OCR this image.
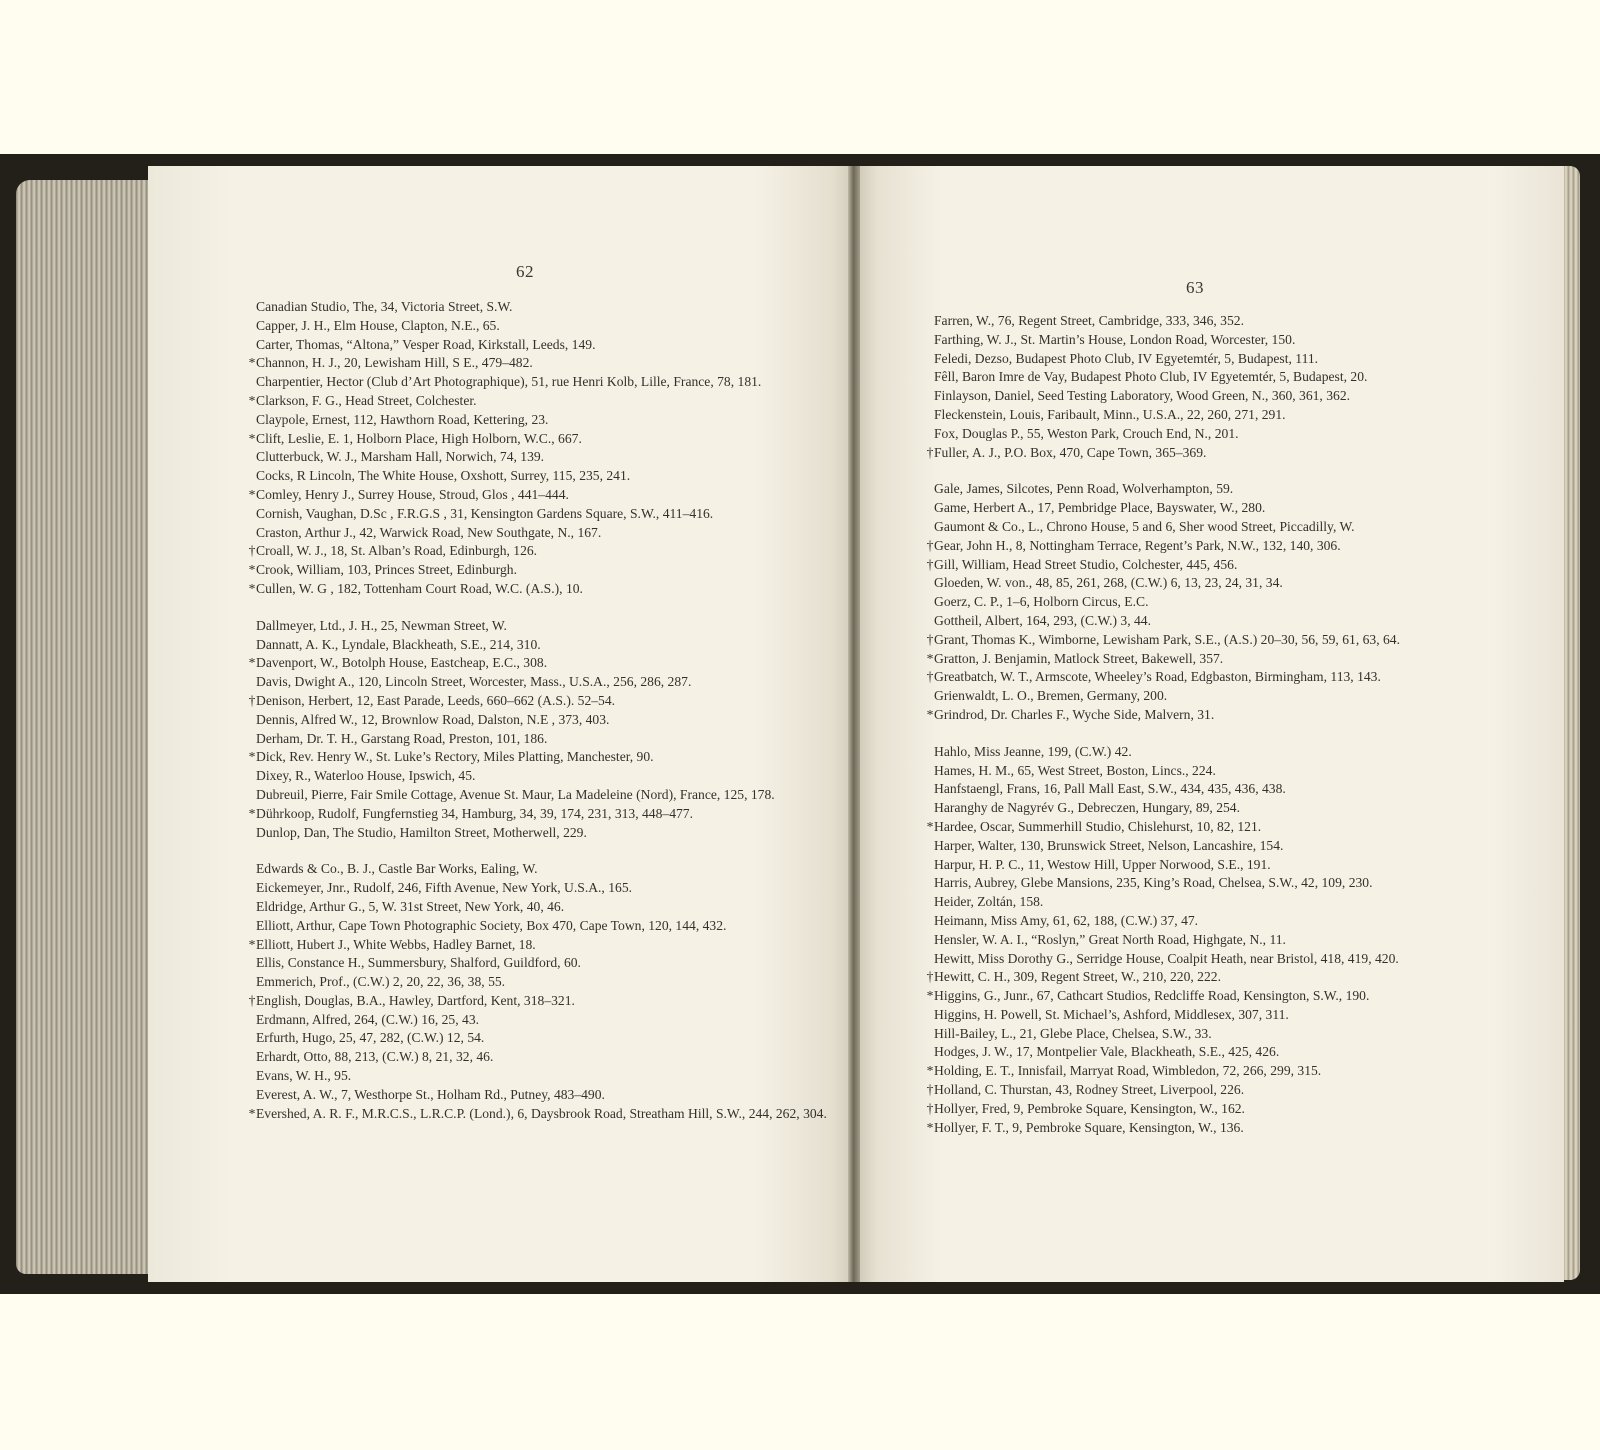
62
Canadian Studio, The, 34, Victoria Street, S.W.
Capper, J. H., Elm House, Clapton, N.E., 65.
Carter, Thomas, “Altona,” Vesper Road, Kirkstall, Leeds, 149.
*Channon, H. J., 20, Lewisham Hill, S E., 479–482.
Charpentier, Hector (Club d’Art Photographique), 51, rue Henri Kolb, Lille, France, 78, 181.
*Clarkson, F. G., Head Street, Colchester.
Claypole, Ernest, 112, Hawthorn Road, Kettering, 23.
*Clift, Leslie, E. 1, Holborn Place, High Holborn, W.C., 667.
Clutterbuck, W. J., Marsham Hall, Norwich, 74, 139.
Cocks, R Lincoln, The White House, Oxshott, Surrey, 115, 235, 241.
*Comley, Henry J., Surrey House, Stroud, Glos , 441–444.
Cornish, Vaughan, D.Sc , F.R.G.S , 31, Kensington Gardens Square, S.W., 411–416.
Craston, Arthur J., 42, Warwick Road, New Southgate, N., 167.
†Croall, W. J., 18, St. Alban’s Road, Edinburgh, 126.
*Crook, William, 103, Princes Street, Edinburgh.
*Cullen, W. G , 182, Tottenham Court Road, W.C. (A.S.), 10.
Dallmeyer, Ltd., J. H., 25, Newman Street, W.
Dannatt, A. K., Lyndale, Blackheath, S.E., 214, 310.
*Davenport, W., Botolph House, Eastcheap, E.C., 308.
Davis, Dwight A., 120, Lincoln Street, Worcester, Mass., U.S.A., 256, 286, 287.
†Denison, Herbert, 12, East Parade, Leeds, 660–662 (A.S.). 52–54.
Dennis, Alfred W., 12, Brownlow Road, Dalston, N.E , 373, 403.
Derham, Dr. T. H., Garstang Road, Preston, 101, 186.
*Dick, Rev. Henry W., St. Luke’s Rectory, Miles Platting, Manchester, 90.
Dixey, R., Waterloo House, Ipswich, 45.
Dubreuil, Pierre, Fair Smile Cottage, Avenue St. Maur, La Madeleine (Nord), France, 125, 178.
*Dührkoop, Rudolf, Fungfernstieg 34, Hamburg, 34, 39, 174, 231, 313, 448–477.
Dunlop, Dan, The Studio, Hamilton Street, Motherwell, 229.
Edwards & Co., B. J., Castle Bar Works, Ealing, W.
Eickemeyer, Jnr., Rudolf, 246, Fifth Avenue, New York, U.S.A., 165.
Eldridge, Arthur G., 5, W. 31st Street, New York, 40, 46.
Elliott, Arthur, Cape Town Photographic Society, Box 470, Cape Town, 120, 144, 432.
*Elliott, Hubert J., White Webbs, Hadley Barnet, 18.
Ellis, Constance H., Summersbury, Shalford, Guildford, 60.
Emmerich, Prof., (C.W.) 2, 20, 22, 36, 38, 55.
†English, Douglas, B.A., Hawley, Dartford, Kent, 318–321.
Erdmann, Alfred, 264, (C.W.) 16, 25, 43.
Erfurth, Hugo, 25, 47, 282, (C.W.) 12, 54.
Erhardt, Otto, 88, 213, (C.W.) 8, 21, 32, 46.
Evans, W. H., 95.
Everest, A. W., 7, Westhorpe St., Holham Rd., Putney, 483–490.
*Evershed, A. R. F., M.R.C.S., L.R.C.P. (Lond.), 6, Daysbrook Road, Streatham Hill, S.W., 244, 262, 304.
63
Farren, W., 76, Regent Street, Cambridge, 333, 346, 352.
Farthing, W. J., St. Martin’s House, London Road, Worcester, 150.
Feledi, Dezso, Budapest Photo Club, IV Egyetemtér, 5, Budapest, 111.
Fêll, Baron Imre de Vay, Budapest Photo Club, IV Egyetemtér, 5, Budapest, 20.
Finlayson, Daniel, Seed Testing Laboratory, Wood Green, N., 360, 361, 362.
Fleckenstein, Louis, Faribault, Minn., U.S.A., 22, 260, 271, 291.
Fox, Douglas P., 55, Weston Park, Crouch End, N., 201.
†Fuller, A. J., P.O. Box, 470, Cape Town, 365–369.
Gale, James, Silcotes, Penn Road, Wolverhampton, 59.
Game, Herbert A., 17, Pembridge Place, Bayswater, W., 280.
Gaumont & Co., L., Chrono House, 5 and 6, Sher wood Street, Piccadilly, W.
†Gear, John H., 8, Nottingham Terrace, Regent’s Park, N.W., 132, 140, 306.
†Gill, William, Head Street Studio, Colchester, 445, 456.
Gloeden, W. von., 48, 85, 261, 268, (C.W.) 6, 13, 23, 24, 31, 34.
Goerz, C. P., 1–6, Holborn Circus, E.C.
Gottheil, Albert, 164, 293, (C.W.) 3, 44.
†Grant, Thomas K., Wimborne, Lewisham Park, S.E., (A.S.) 20–30, 56, 59, 61, 63, 64.
*Gratton, J. Benjamin, Matlock Street, Bakewell, 357.
†Greatbatch, W. T., Armscote, Wheeley’s Road, Edgbaston, Birmingham, 113, 143.
Grienwaldt, L. O., Bremen, Germany, 200.
*Grindrod, Dr. Charles F., Wyche Side, Malvern, 31.
Hahlo, Miss Jeanne, 199, (C.W.) 42.
Hames, H. M., 65, West Street, Boston, Lincs., 224.
Hanfstaengl, Frans, 16, Pall Mall East, S.W., 434, 435, 436, 438.
Haranghy de Nagyrév G., Debreczen, Hungary, 89, 254.
*Hardee, Oscar, Summerhill Studio, Chislehurst, 10, 82, 121.
Harper, Walter, 130, Brunswick Street, Nelson, Lancashire, 154.
Harpur, H. P. C., 11, Westow Hill, Upper Norwood, S.E., 191.
Harris, Aubrey, Glebe Mansions, 235, King’s Road, Chelsea, S.W., 42, 109, 230.
Heider, Zoltán, 158.
Heimann, Miss Amy, 61, 62, 188, (C.W.) 37, 47.
Hensler, W. A. I., “Roslyn,” Great North Road, Highgate, N., 11.
Hewitt, Miss Dorothy G., Serridge House, Coalpit Heath, near Bristol, 418, 419, 420.
†Hewitt, C. H., 309, Regent Street, W., 210, 220, 222.
*Higgins, G., Junr., 67, Cathcart Studios, Redcliffe Road, Kensington, S.W., 190.
Higgins, H. Powell, St. Michael’s, Ashford, Middlesex, 307, 311.
Hill-Bailey, L., 21, Glebe Place, Chelsea, S.W., 33.
Hodges, J. W., 17, Montpelier Vale, Blackheath, S.E., 425, 426.
*Holding, E. T., Innisfail, Marryat Road, Wimbledon, 72, 266, 299, 315.
†Holland, C. Thurstan, 43, Rodney Street, Liverpool, 226.
†Hollyer, Fred, 9, Pembroke Square, Kensington, W., 162.
*Hollyer, F. T., 9, Pembroke Square, Kensington, W., 136.
